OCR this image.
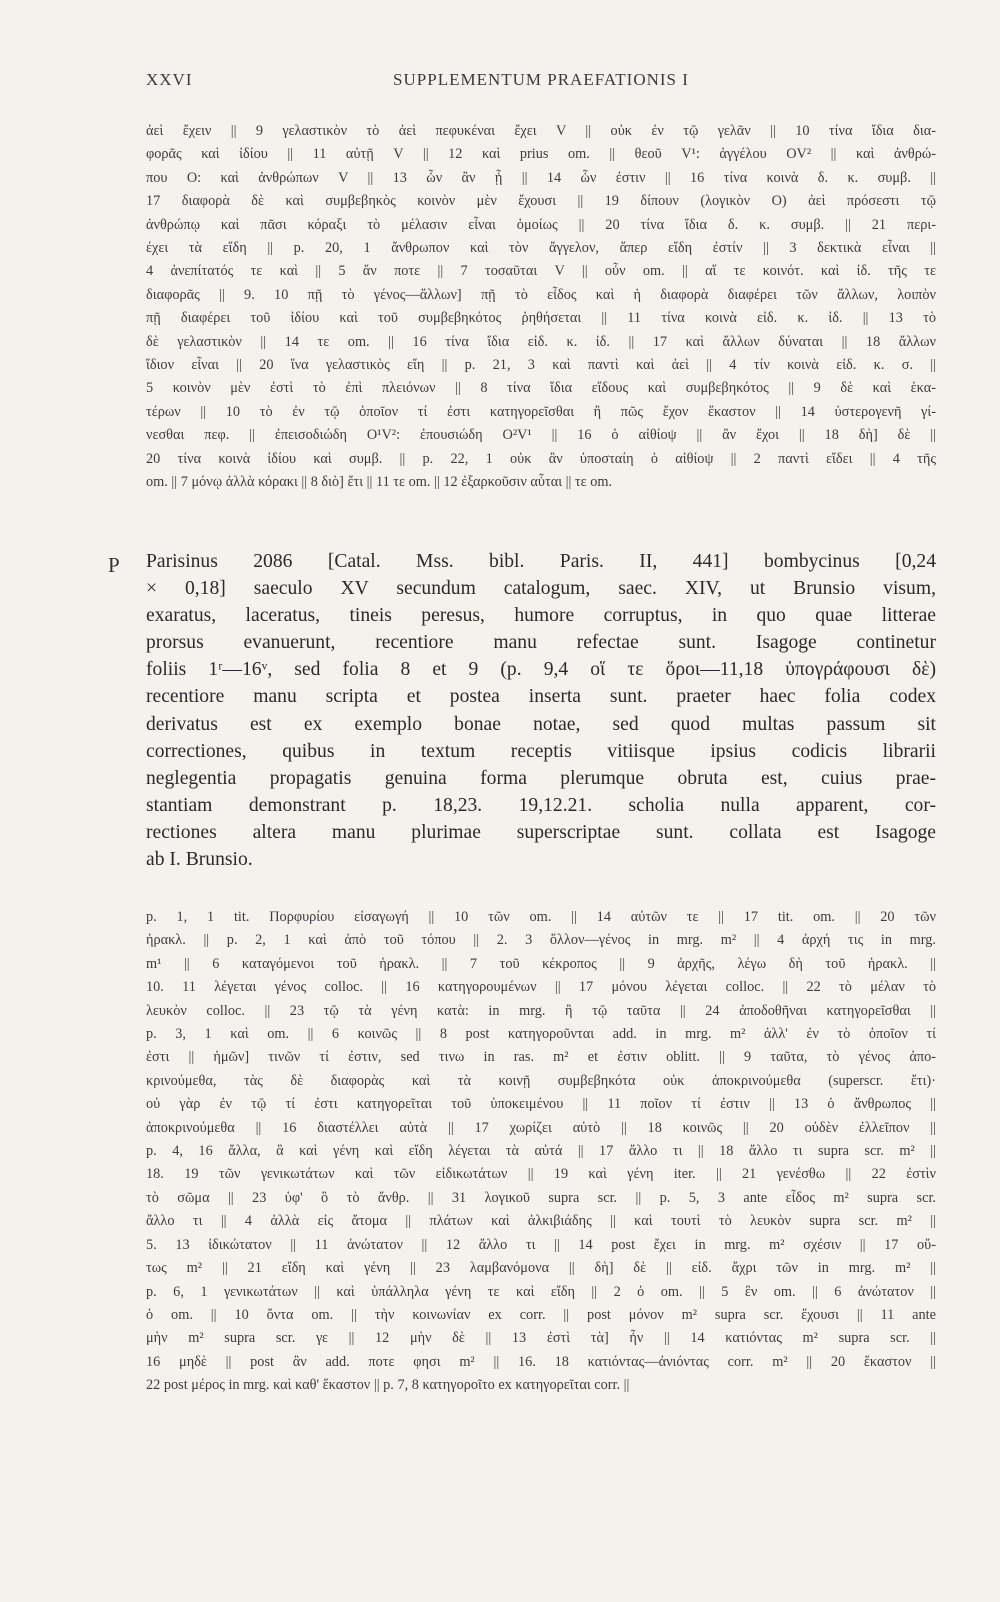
XXVI	SUPPLEMENTUM PRAEFATIONIS I

ἀεὶ ἔχειν || 9 γελαστικὸν τὸ ἀεὶ πεφυκέναι ἔχει V || οὐκ ἐν τῷ γελᾶν || 10 τίνα ἴδια δια-

φορᾶς καὶ ἰδίου || 11 αὐτῇ V || 12 καὶ prius om. || θεοῦ V¹: ἀγγέλου OV² || καὶ ἀνθρώ-

που O: καὶ ἀνθρώπων V || 13 ὧν ἂν ᾖ || 14 ὧν ἐστιν || 16 τίνα κοινὰ δ. κ. συμβ. ||

17 διαφορὰ δὲ καὶ συμβεβηκὸς κοινὸν μὲν ἔχουσι || 19 δίπουν (λογικὸν O) ἀεὶ πρόσεστι τῷ

ἀνθρώπῳ καὶ πᾶσι κόραξι τὸ μέλασιν εἶναι ὁμοίως || 20 τίνα ἴδια δ. κ. συμβ. || 21 περι-

έχει τὰ εἴδη || p. 20, 1 ἄνθρωπον καὶ τὸν ἄγγελον, ἅπερ εἴδη ἐστίν || 3 δεκτικὰ εἶναι ||

4 ἀνεπίτατός τε καὶ || 5 ἄν ποτε || 7 τοσαῦται V || οὖν om. || αἵ τε κοινότ. καὶ ἰδ. τῆς τε

διαφορᾶς || 9. 10 πῇ τὸ γένος—ἄλλων] πῇ τὸ εἶδος καὶ ἡ διαφορὰ διαφέρει τῶν ἄλλων, λοιπὸν

πῇ διαφέρει τοῦ ἰδίου καὶ τοῦ συμβεβηκότος ῥηθήσεται || 11 τίνα κοινὰ εἰδ. κ. ἰδ. || 13 τὸ

δὲ γελαστικὸν || 14 τε om. || 16 τίνα ἴδια εἰδ. κ. ἰδ. || 17 καὶ ἄλλων δύναται || 18 ἄλλων

ἴδιον εἶναι || 20 ἵνα γελαστικὸς εἴη || p. 21, 3 καὶ παντὶ καὶ ἀεὶ || 4 τίν κοινὰ εἰδ. κ. σ. ||

5 κοινὸν μὲν ἐστὶ τὸ ἐπὶ πλειόνων || 8 τίνα ἴδια εἴδους καὶ συμβεβηκότος || 9 δὲ καὶ ἑκα-

τέρων || 10 τὸ ἐν τῷ ὁποῖον τί ἐστι κατηγορεῖσθαι ἢ πῶς ἔχον ἕκαστον || 14 ὑστερογενῆ γί-

νεσθαι πεφ. || ἐπεισοδιώδη O¹V²: ἐπουσιώδη O²V¹ || 16 ὁ αἰθίοψ || ἂν ἔχοι || 18 δὴ] δὲ ||

20 τίνα κοινὰ ἰδίου καὶ συμβ. || p. 22, 1 οὐκ ἂν ὑποσταίη ὁ αἰθίοψ || 2 παντὶ εἴδει || 4 τῆς

om. || 7 μόνῳ ἀλλὰ κόρακι || 8 διὸ] ἔτι || 11 τε om. || 12 ἐξαρκοῦσιν αὗται || τε om.

P Parisinus 2086 [Catal. Mss. bibl. Paris. II, 441] bombycinus [0,24

× 0,18] saeculo XV secundum catalogum, saec. XIV, ut Brunsio visum,

exaratus, laceratus, tineis peresus, humore corruptus, in quo quae litterae

prorsus evanuerunt, recentiore manu refectae sunt. Isagoge continetur

foliis 1ʳ—16ᵛ, sed folia 8 et 9 (p. 9,4 οἵ τε ὅροι—11,18 ὑπογράφουσι δὲ)

recentiore manu scripta et postea inserta sunt. praeter haec folia codex

derivatus est ex exemplo bonae notae, sed quod multas passum sit

correctiones, quibus in textum receptis vitiisque ipsius codicis librarii

neglegentia propagatis genuina forma plerumque obruta est, cuius prae-

stantiam demonstrant p. 18,23. 19,12.21. scholia nulla apparent, cor-

rectiones altera manu plurimae superscriptae sunt. collata est Isagoge

ab I. Brunsio.

p. 1, 1 tit. Πορφυρίου εἰσαγωγή || 10 τῶν om. || 14 αὐτῶν τε || 17 tit. om. || 20 τῶν

ἡρακλ. || p. 2, 1 καὶ ἀπὸ τοῦ τόπου || 2. 3 ὅλλον—γένος in mrg. m² || 4 ἀρχή τις in mrg.

m¹ || 6 καταγόμενοι τοῦ ἡρακλ. || 7 τοῦ κέκροπος || 9 ἀρχῆς, λέγω δὴ τοῦ ἡρακλ. ||

10. 11 λέγεται γένος colloc. || 16 κατηγορουμένων || 17 μόνου λέγεται colloc. || 22 τὸ μέλαν τὸ

λευκὸν colloc. || 23 τῷ τὰ γένη κατὰ: in mrg. ἢ τῷ ταῦτα || 24 ἀποδοθῆναι κατηγορεῖσθαι ||

p. 3, 1 καὶ om. || 6 κοινῶς || 8 post κατηγοροῦνται add. in mrg. m² ἀλλ' ἐν τὸ ὁποῖον τί

ἐστι || ἡμῶν] τινῶν τί ἐστιν, sed τινω in ras. m² et ἐστιν oblitt. || 9 ταῦτα, τὸ γένος ἀπο-

κρινούμεθα, τὰς δὲ διαφορὰς καὶ τὰ κοινῇ συμβεβηκότα οὐκ ἀποκρινούμεθα (superscr. ἔτι)·

οὐ γὰρ ἐν τῷ τί ἐστι κατηγορεῖται τοῦ ὑποκειμένου || 11 ποῖον τί ἐστιν || 13 ὁ ἄνθρωπος ||

ἀποκρινούμεθα || 16 διαστέλλει αὐτὰ || 17 χωρίζει αὐτὸ || 18 κοινῶς || 20 οὐδὲν ἐλλεῖπον ||

p. 4, 16 ἄλλα, ἃ καὶ γένη καὶ εἴδη λέγεται τὰ αὐτά || 17 ἄλλο τι || 18 ἄλλο τι supra scr. m² ||

18. 19 τῶν γενικωτάτων καὶ τῶν εἰδικωτάτων || 19 καὶ γένη iter. || 21 γενέσθω || 22 ἐστὶν

τὸ σῶμα || 23 ὑφ' ὃ τὸ ἄνθρ. || 31 λογικοῦ supra scr. || p. 5, 3 ante εἶδος m² supra scr.

ἄλλο τι || 4 ἀλλὰ εἰς ἄτομα || πλάτων καὶ ἀλκιβιάδης || καὶ τουτὶ τὸ λευκὸν supra scr. m² ||

5. 13 ἰδικώτατον || 11 ἀνώτατον || 12 ἄλλο τι || 14 post ἔχει in mrg. m² σχέσιν || 17 οὕ-

τως m² || 21 εἴδη καὶ γένη || 23 λαμβανόμονα || δὴ] δὲ || εἰδ. ἄχρι τῶν in mrg. m² ||

p. 6, 1 γενικωτάτων || καὶ ὑπάλληλα γένη τε καὶ εἴδη || 2 ὁ om. || 5 ἓν om. || 6 ἀνώτατον ||

ὁ om. || 10 ὄντα om. || τὴν κοινωνίαν ex corr. || post μόνον m² supra scr. ἔχουσι || 11 ante

μὴν m² supra scr. γε || 12 μὴν δὲ || 13 ἐστὶ τὰ] ἦν || 14 κατιόντας m² supra scr. ||

16 μηδὲ || post ἂν add. ποτε φησι m² || 16. 18 κατιόντας—ἀνιόντας corr. m² || 20 ἕκαστον ||

22 post μέρος in mrg. καὶ καθ' ἕκαστον || p. 7, 8 κατηγοροῖτο ex κατηγορεῖται corr. ||
